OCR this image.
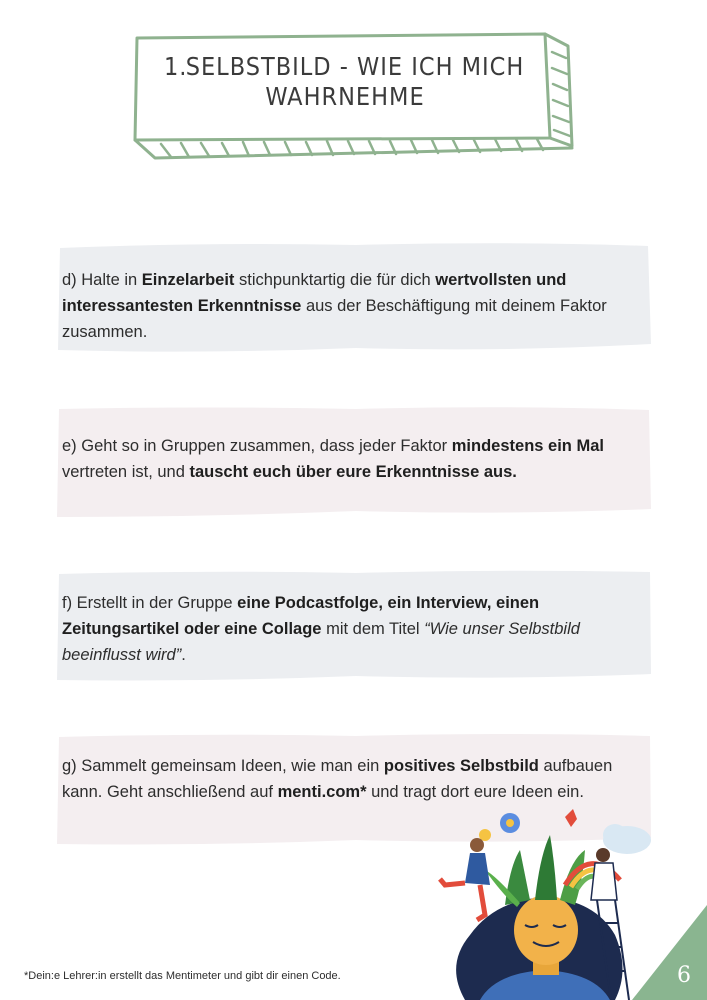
1.
SELBSTBILD - WIE ICH MICH
WAHRNEHME

d) Halte in Einzelarbeit stichpunktartig die für dich wertvollsten und interessantesten Erkenntnisse aus der Beschäftigung mit deinem Faktor zusammen.

e) Geht so in Gruppen zusammen, dass jeder Faktor mindestens ein Mal vertreten ist, und tauscht euch über eure Erkenntnisse aus.

f) Erstellt in der Gruppe eine Podcastfolge, ein Interview, einen Zeitungsartikel oder eine Collage mit dem Titel “Wie unser Selbstbild beeinflusst wird”.

g) Sammelt gemeinsam Ideen, wie man ein positives Selbstbild aufbauen kann. Geht anschließend auf menti.com* und tragt dort eure Ideen ein.

*Dein:e Lehrer:in erstellt das Mentimeter und gibt dir einen Code.	6
